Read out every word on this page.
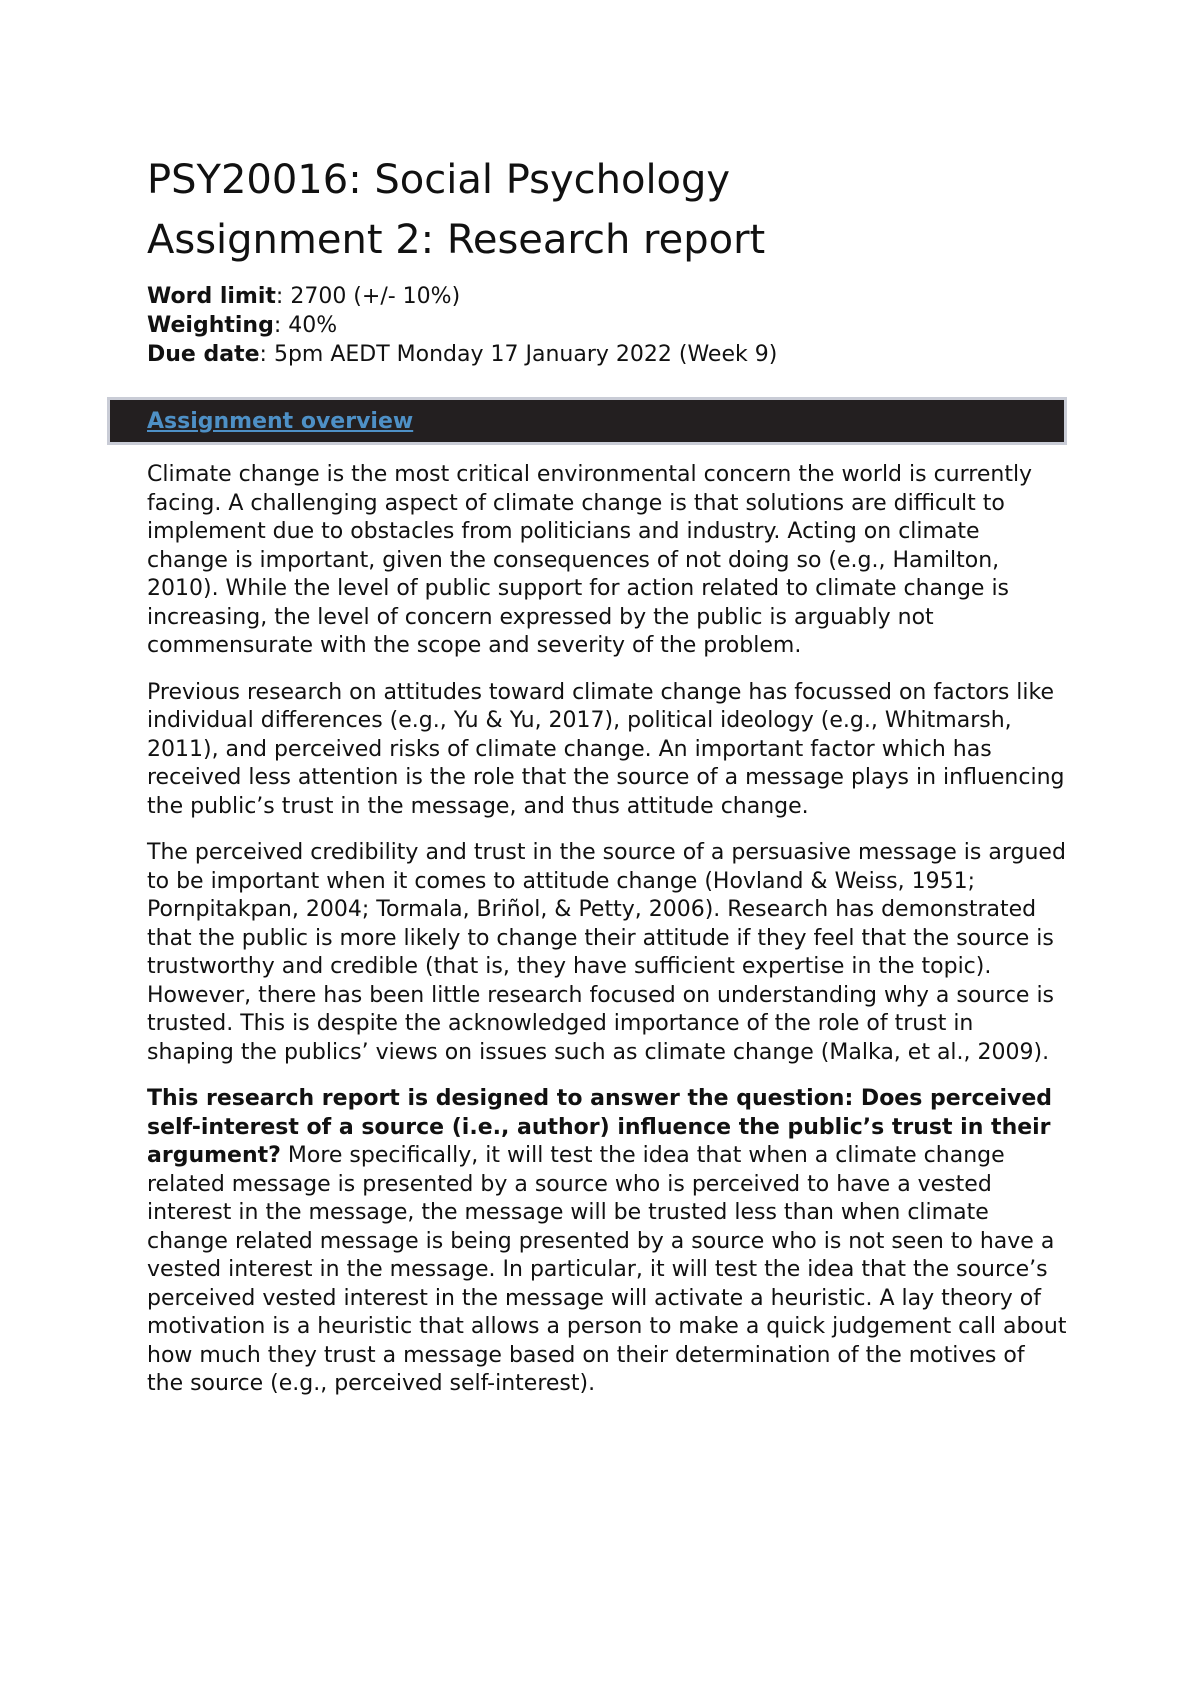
PSY20016: Social Psychology
Assignment 2: Research report
Word limit: 2700 (+/- 10%)
Weighting: 40%
Due date: 5pm AEDT Monday 17 January 2022 (Week 9)
Assignment overview

Climate change is the most critical environmental concern the world is currently facing. A challenging aspect of climate change is that solutions are difficult to implement due to obstacles from politicians and industry. Acting on climate change is important, given the consequences of not doing so (e.g., Hamilton, 2010). While the level of public support for action related to climate change is increasing, the level of concern expressed by the public is arguably not commensurate with the scope and severity of the problem.

Previous research on attitudes toward climate change has focussed on factors like individual differences (e.g., Yu & Yu, 2017), political ideology (e.g., Whitmarsh, 2011), and perceived risks of climate change. An important factor which has received less attention is the role that the source of a message plays in influencing the public’s trust in the message, and thus attitude change.

The perceived credibility and trust in the source of a persuasive message is argued to be important when it comes to attitude change (Hovland & Weiss, 1951; Pornpitakpan, 2004; Tormala, Briñol, & Petty, 2006). Research has demonstrated that the public is more likely to change their attitude if they feel that the source is trustworthy and credible (that is, they have sufficient expertise in the topic). However, there has been little research focused on understanding why a source is trusted. This is despite the acknowledged importance of the role of trust in shaping the publics’ views on issues such as climate change (Malka, et al., 2009).

This research report is designed to answer the question: Does perceived self-interest of a source (i.e., author) influence the public’s trust in their argument? More specifically, it will test the idea that when a climate change related message is presented by a source who is perceived to have a vested interest in the message, the message will be trusted less than when climate change related message is being presented by a source who is not seen to have a vested interest in the message. In particular, it will test the idea that the source’s perceived vested interest in the message will activate a heuristic. A lay theory of motivation is a heuristic that allows a person to make a quick judgement call about how much they trust a message based on their determination of the motives of the source (e.g., perceived self-interest).
